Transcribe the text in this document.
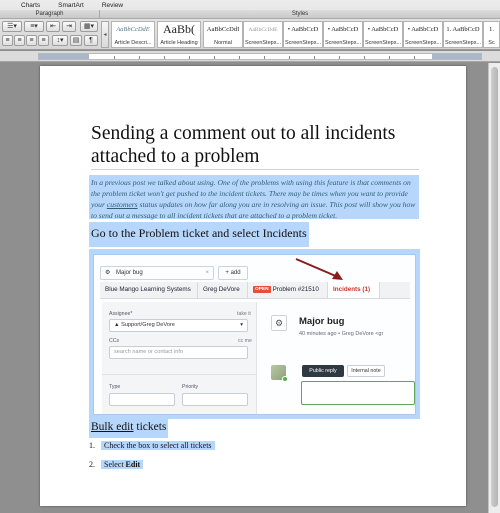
Charts	SmartArt	Review
Paragraph	Styles
☰▾	≡▾	⇤	⇥	▦▾
≡	≡	≡	≡	↕▾	▤	¶
◂
AaBbCcDdE
Article Descri...
AaBb(
Article Heading
AaBbCcDdI
Normal
AaBbCcDdE
ScreenSteps...
• AaBbCcD
ScreenSteps...
• AaBbCcD
ScreenSteps...
• AaBbCcD
ScreenSteps...
• AaBbCcD
ScreenSteps...
1. AaBbCcD
ScreenSteps...
1.
Sc
Sending a comment out to all incidents attached to a problem
In a previous post we talked about using. One of the problems with using this feature is that comments on the problem ticket won't get pushed to the incident tickets. There may be times when you want to provide your customers status updates on how far along you are in resolving an issue. This post will show you how to send out a message to all incident tickets that are attached to a problem ticket.
Go to the Problem ticket and select Incidents
⚙ Major bug	×	+ add
Blue Mango Learning Systems	Greg DeVore	OPEN Problem #21510	Incidents (1)
Assignee*	take it
▲ Support/Greg DeVore	▾
CCs	cc me
search name or contact info
Type	Priority
⚙	Major bug
40 minutes ago • Greg DeVore <gr
Public reply	Internal note
Bulk edit tickets
1. Check the box to select all tickets
2. Select Edit
